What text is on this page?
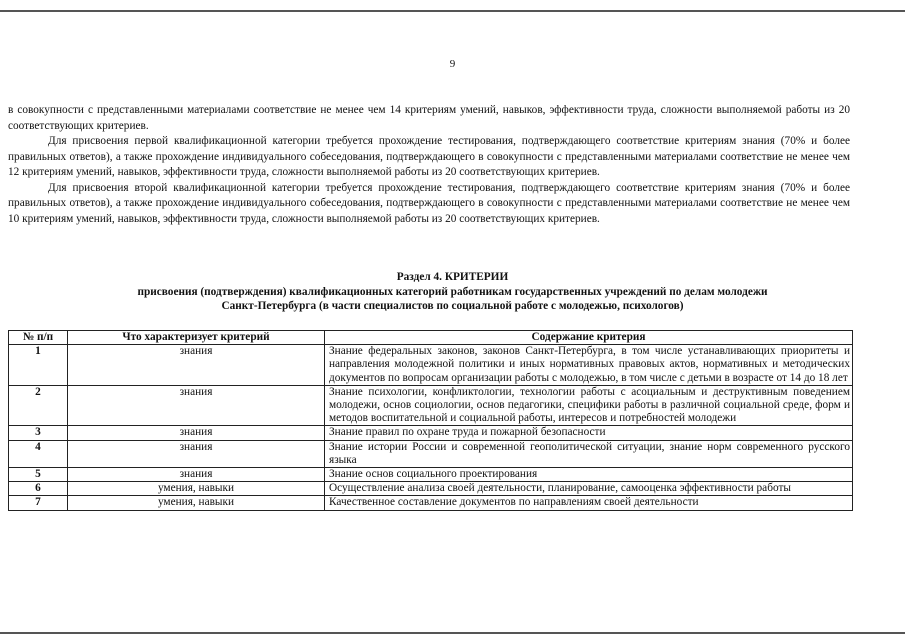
9

в совокупности с представленными материалами соответствие не менее чем 14 критериям умений, навыков, эффективности труда, сложности выполняемой работы из 20 соответствующих критериев.

Для присвоения первой квалификационной категории требуется прохождение тестирования, подтверждающего соответствие критериям знания (70% и более правильных ответов), а также прохождение индивидуального собеседования, подтверждающего в совокупности с представленными материалами соответствие не менее чем 12 критериям умений, навыков, эффективности труда, сложности выполняемой работы из 20 соответствующих критериев.

Для присвоения второй квалификационной категории требуется прохождение тестирования, подтверждающего соответствие критериям знания (70% и более правильных ответов), а также прохождение индивидуального собеседования, подтверждающего в совокупности с представленными материалами соответствие не менее чем 10 критериям умений, навыков, эффективности труда, сложности выполняемой работы из 20 соответствующих критериев.

Раздел 4. КРИТЕРИИ
присвоения (подтверждения) квалификационных категорий работникам государственных учреждений по делам молодежи
Санкт-Петербурга (в части специалистов по социальной работе с молодежью, психологов)
№ п/п	Что характеризует критерий	Содержание критерия
1	знания	Знание федеральных законов, законов Санкт-Петербурга, в том числе устанавливающих приоритеты и направления молодежной политики и иных нормативных правовых актов, нормативных и методических документов по вопросам организации работы с молодежью, в том числе с детьми в возрасте от 14 до 18 лет
2	знания	Знание психологии, конфликтологии, технологии работы с асоциальным и деструктивным поведением молодежи, основ социологии, основ педагогики, специфики работы в различной социальной среде, форм и методов воспитательной и социальной работы, интересов и потребностей молодежи
3	знания	Знание правил по охране труда и пожарной безопасности
4	знания	Знание истории России и современной геополитической ситуации, знание норм современного русского языка
5	знания	Знание основ социального проектирования
6	умения, навыки	Осуществление анализа своей деятельности, планирование, самооценка эффективности работы
7	умения, навыки	Качественное составление документов по направлениям своей деятельности
